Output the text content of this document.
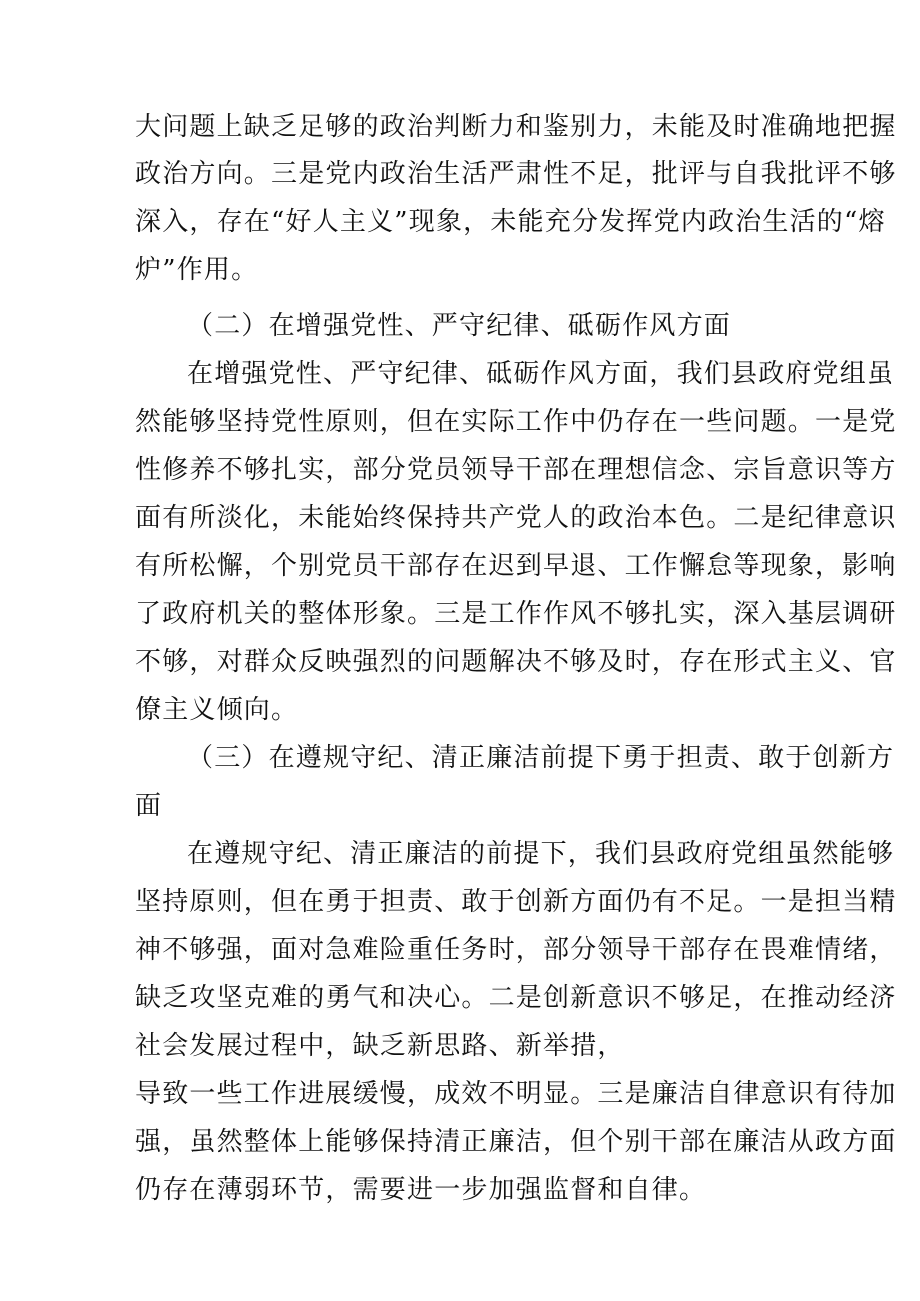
大问题上缺乏足够的政治判断力和鉴别力，未能及时准确地把握
政治方向。三是党内政治生活严肃性不足，批评与自我批评不够
深入，存在“好人主义”现象，未能充分发挥党内政治生活的“熔
炉”作用。
（二）在增强党性、严守纪律、砥砺作风方面
在增强党性、严守纪律、砥砺作风方面，我们县政府党组虽
然能够坚持党性原则，但在实际工作中仍存在一些问题。一是党
性修养不够扎实，部分党员领导干部在理想信念、宗旨意识等方
面有所淡化，未能始终保持共产党人的政治本色。二是纪律意识
有所松懈，个别党员干部存在迟到早退、工作懈怠等现象，影响
了政府机关的整体形象。三是工作作风不够扎实，深入基层调研
不够，对群众反映强烈的问题解决不够及时，存在形式主义、官
僚主义倾向。
（三）在遵规守纪、清正廉洁前提下勇于担责、敢于创新方
面
在遵规守纪、清正廉洁的前提下，我们县政府党组虽然能够
坚持原则，但在勇于担责、敢于创新方面仍有不足。一是担当精
神不够强，面对急难险重任务时，部分领导干部存在畏难情绪，
缺乏攻坚克难的勇气和决心。二是创新意识不够足，在推动经济
社会发展过程中，缺乏新思路、新举措，
导致一些工作进展缓慢，成效不明显。三是廉洁自律意识有待加
强，虽然整体上能够保持清正廉洁，但个别干部在廉洁从政方面
仍存在薄弱环节，需要进一步加强监督和自律。
